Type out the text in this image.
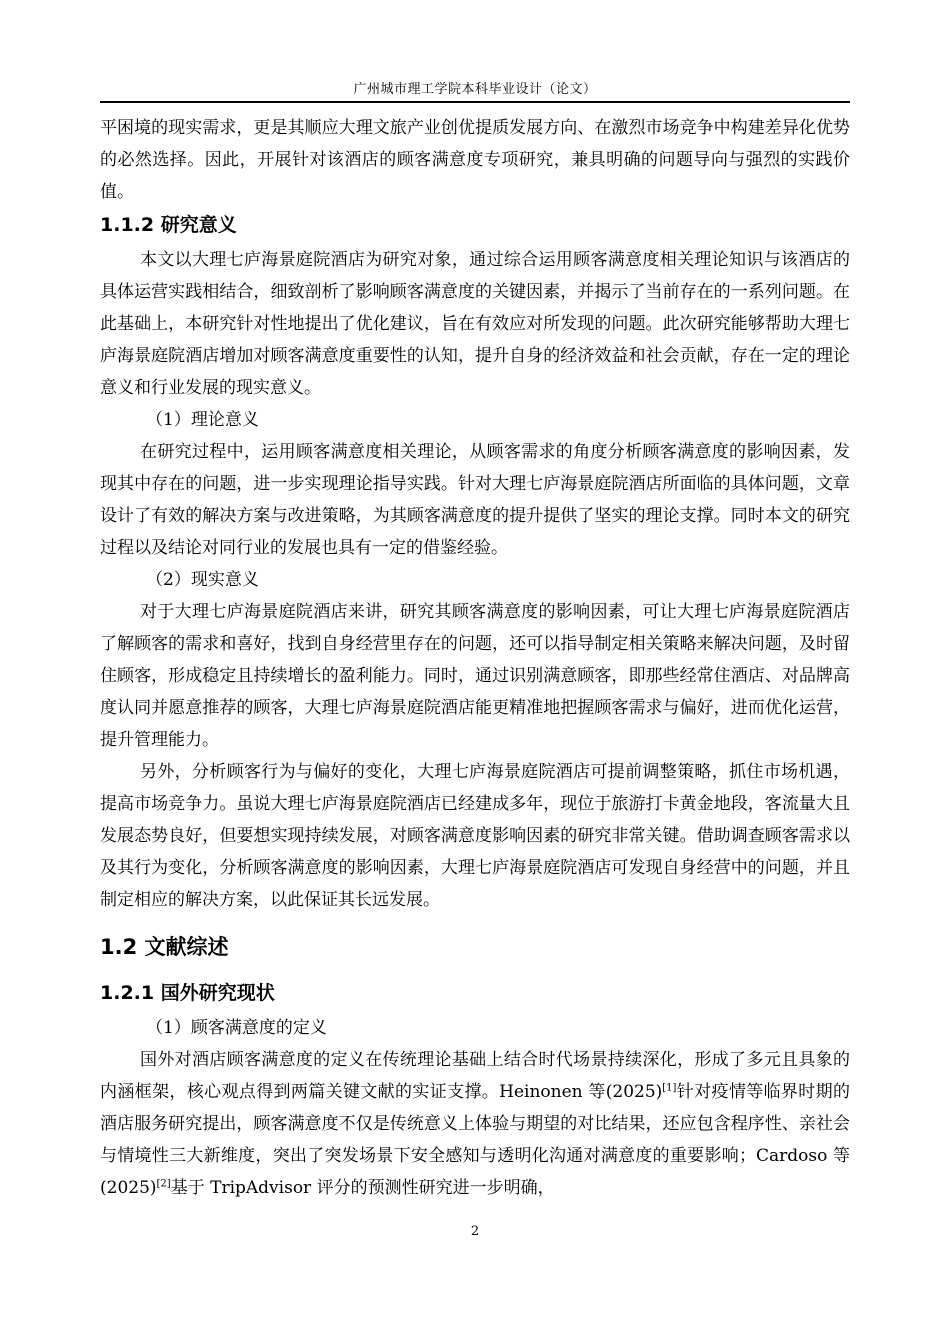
广州城市理工学院本科毕业设计（论文）

平困境的现实需求，更是其顺应大理文旅产业创优提质发展方向、在激烈市场竞争中构建差异化优势的必然选择。因此，开展针对该酒店的顾客满意度专项研究，兼具明确的问题导向与强烈的实践价值。

1.1.2 研究意义

本文以大理七庐海景庭院酒店为研究对象，通过综合运用顾客满意度相关理论知识与该酒店的具体运营实践相结合，细致剖析了影响顾客满意度的关键因素，并揭示了当前存在的一系列问题。在此基础上，本研究针对性地提出了优化建议，旨在有效应对所发现的问题。此次研究能够帮助大理七庐海景庭院酒店增加对顾客满意度重要性的认知，提升自身的经济效益和社会贡献，存在一定的理论意义和行业发展的现实意义。

（1）理论意义

在研究过程中，运用顾客满意度相关理论，从顾客需求的角度分析顾客满意度的影响因素，发现其中存在的问题，进一步实现理论指导实践。针对大理七庐海景庭院酒店所面临的具体问题，文章设计了有效的解决方案与改进策略，为其顾客满意度的提升提供了坚实的理论支撑。同时本文的研究过程以及结论对同行业的发展也具有一定的借鉴经验。

（2）现实意义

对于大理七庐海景庭院酒店来讲，研究其顾客满意度的影响因素，可让大理七庐海景庭院酒店了解顾客的需求和喜好，找到自身经营里存在的问题，还可以指导制定相关策略来解决问题，及时留住顾客，形成稳定且持续增长的盈利能力。同时，通过识别满意顾客，即那些经常住酒店、对品牌高度认同并愿意推荐的顾客，大理七庐海景庭院酒店能更精准地把握顾客需求与偏好，进而优化运营，提升管理能力。

另外，分析顾客行为与偏好的变化，大理七庐海景庭院酒店可提前调整策略，抓住市场机遇，提高市场竞争力。虽说大理七庐海景庭院酒店已经建成多年，现位于旅游打卡黄金地段，客流量大且发展态势良好，但要想实现持续发展，对顾客满意度影响因素的研究非常关键。借助调查顾客需求以及其行为变化，分析顾客满意度的影响因素，大理七庐海景庭院酒店可发现自身经营中的问题，并且制定相应的解决方案，以此保证其长远发展。

1.2 文献综述
1.2.1 国外研究现状

（1）顾客满意度的定义

国外对酒店顾客满意度的定义在传统理论基础上结合时代场景持续深化，形成了多元且具象的内涵框架，核心观点得到两篇关键文献的实证支撑。Heinonen 等(2025)[1]针对疫情等临界时期的酒店服务研究提出，顾客满意度不仅是传统意义上体验与期望的对比结果，还应包含程序性、亲社会与情境性三大新维度，突出了突发场景下安全感知与透明化沟通对满意度的重要影响；Cardoso 等(2025)[2]基于 TripAdvisor 评分的预测性研究进一步明确，

2
